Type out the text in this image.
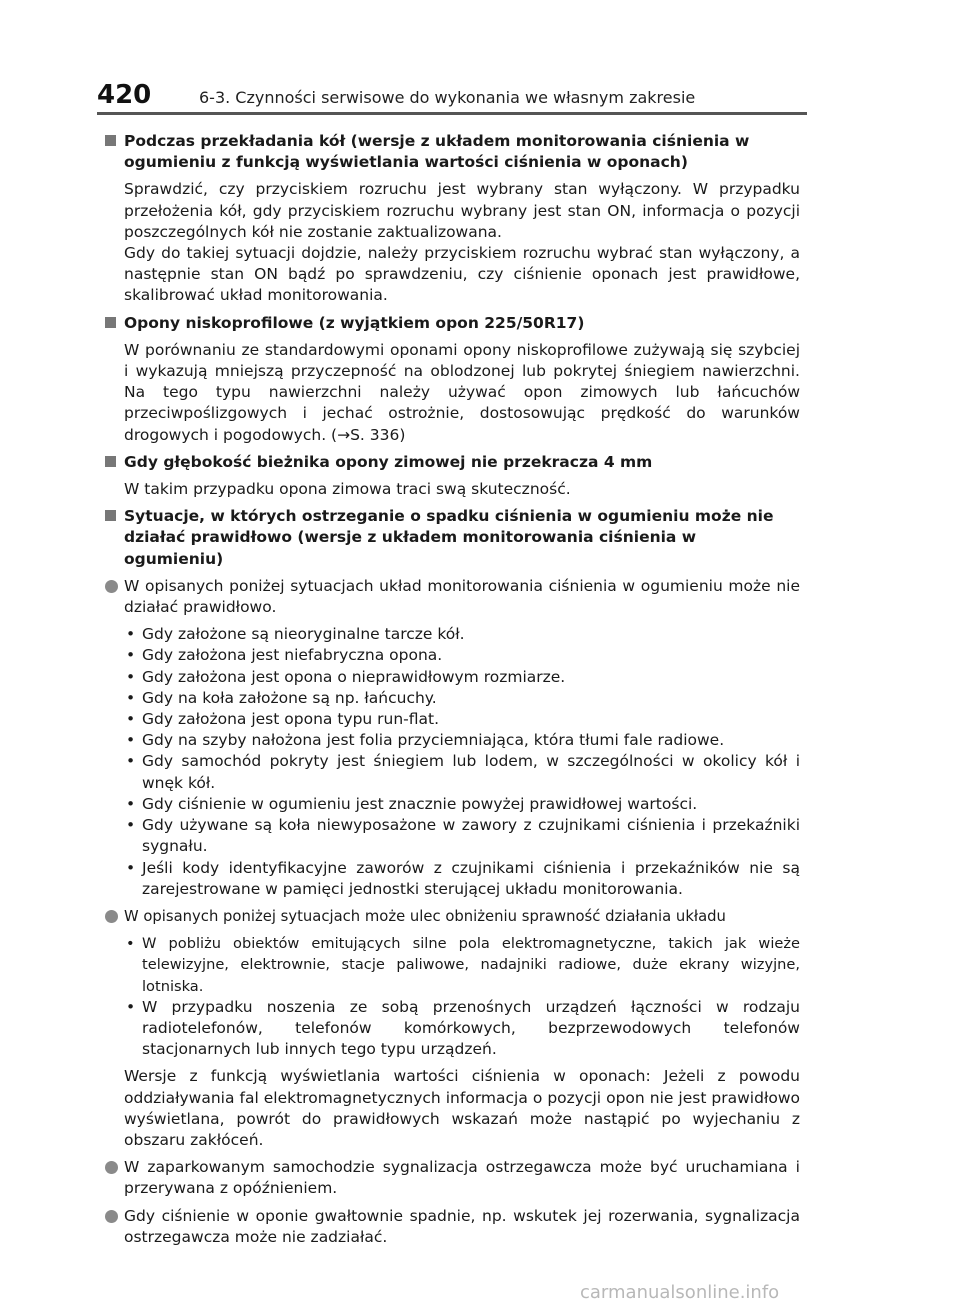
420	6-3. Czynności serwisowe do wykonania we własnym zakresie
Podczas przekładania kół (wersje z układem monitorowania ciśnienia w ogumieniu z funkcją wyświetlania wartości ciśnienia w oponach)

Sprawdzić, czy przyciskiem rozruchu jest wybrany stan wyłączony. W przypadku przełożenia kół, gdy przyciskiem rozruchu wybrany jest stan ON, informacja o pozycji poszczególnych kół nie zostanie zaktualizowana.

Gdy do takiej sytuacji dojdzie, należy przyciskiem rozruchu wybrać stan wyłączony, a następnie stan ON bądź po sprawdzeniu, czy ciśnienie oponach jest prawidłowe, skalibrować układ monitorowania.

Opony niskoprofilowe (z wyjątkiem opon 225/50R17)

W porównaniu ze standardowymi oponami opony niskoprofilowe zużywają się szybciej i wykazują mniejszą przyczepność na oblodzonej lub pokrytej śniegiem nawierzchni. Na tego typu nawierzchni należy używać opon zimowych lub łańcuchów przeciwpoślizgowych i jechać ostrożnie, dostosowując prędkość do warunków drogowych i pogodowych. (→S. 336)

Gdy głębokość bieżnika opony zimowej nie przekracza 4 mm

W takim przypadku opona zimowa traci swą skuteczność.

Sytuacje, w których ostrzeganie o spadku ciśnienia w ogumieniu może nie działać prawidłowo (wersje z układem monitorowania ciśnienia w ogumieniu)

W opisanych poniżej sytuacjach układ monitorowania ciśnienia w ogumieniu może nie działać prawidłowo.

• Gdy założone są nieoryginalne tarcze kół.
• Gdy założona jest niefabryczna opona.
• Gdy założona jest opona o nieprawidłowym rozmiarze.
• Gdy na koła założone są np. łańcuchy.
• Gdy założona jest opona typu run-flat.
• Gdy na szyby nałożona jest folia przyciemniająca, która tłumi fale radiowe.
• Gdy samochód pokryty jest śniegiem lub lodem, w szczególności w okolicy kół i wnęk kół.
• Gdy ciśnienie w ogumieniu jest znacznie powyżej prawidłowej wartości.
• Gdy używane są koła niewyposażone w zawory z czujnikami ciśnienia i przekaźniki sygnału.
• Jeśli kody identyfikacyjne zaworów z czujnikami ciśnienia i przekaźników nie są zarejestrowane w pamięci jednostki sterującej układu monitorowania.

W opisanych poniżej sytuacjach może ulec obniżeniu sprawność działania układu

• W pobliżu obiektów emitujących silne pola elektromagnetyczne, takich jak wieże telewizyjne, elektrownie, stacje paliwowe, nadajniki radiowe, duże ekrany wizyjne, lotniska.
• W przypadku noszenia ze sobą przenośnych urządzeń łączności w rodzaju radiotelefonów, telefonów komórkowych, bezprzewodowych telefonów stacjonarnych lub innych tego typu urządzeń.

Wersje z funkcją wyświetlania wartości ciśnienia w oponach: Jeżeli z powodu oddziaływania fal elektromagnetycznych informacja o pozycji opon nie jest prawidłowo wyświetlana, powrót do prawidłowych wskazań może nastąpić po wyjechaniu z obszaru zakłóceń.

W zaparkowanym samochodzie sygnalizacja ostrzegawcza może być uruchamiana i przerywana z opóźnieniem.

Gdy ciśnienie w oponie gwałtownie spadnie, np. wskutek jej rozerwania, sygnalizacja ostrzegawcza może nie zadziałać.

carmanualsonline.info
